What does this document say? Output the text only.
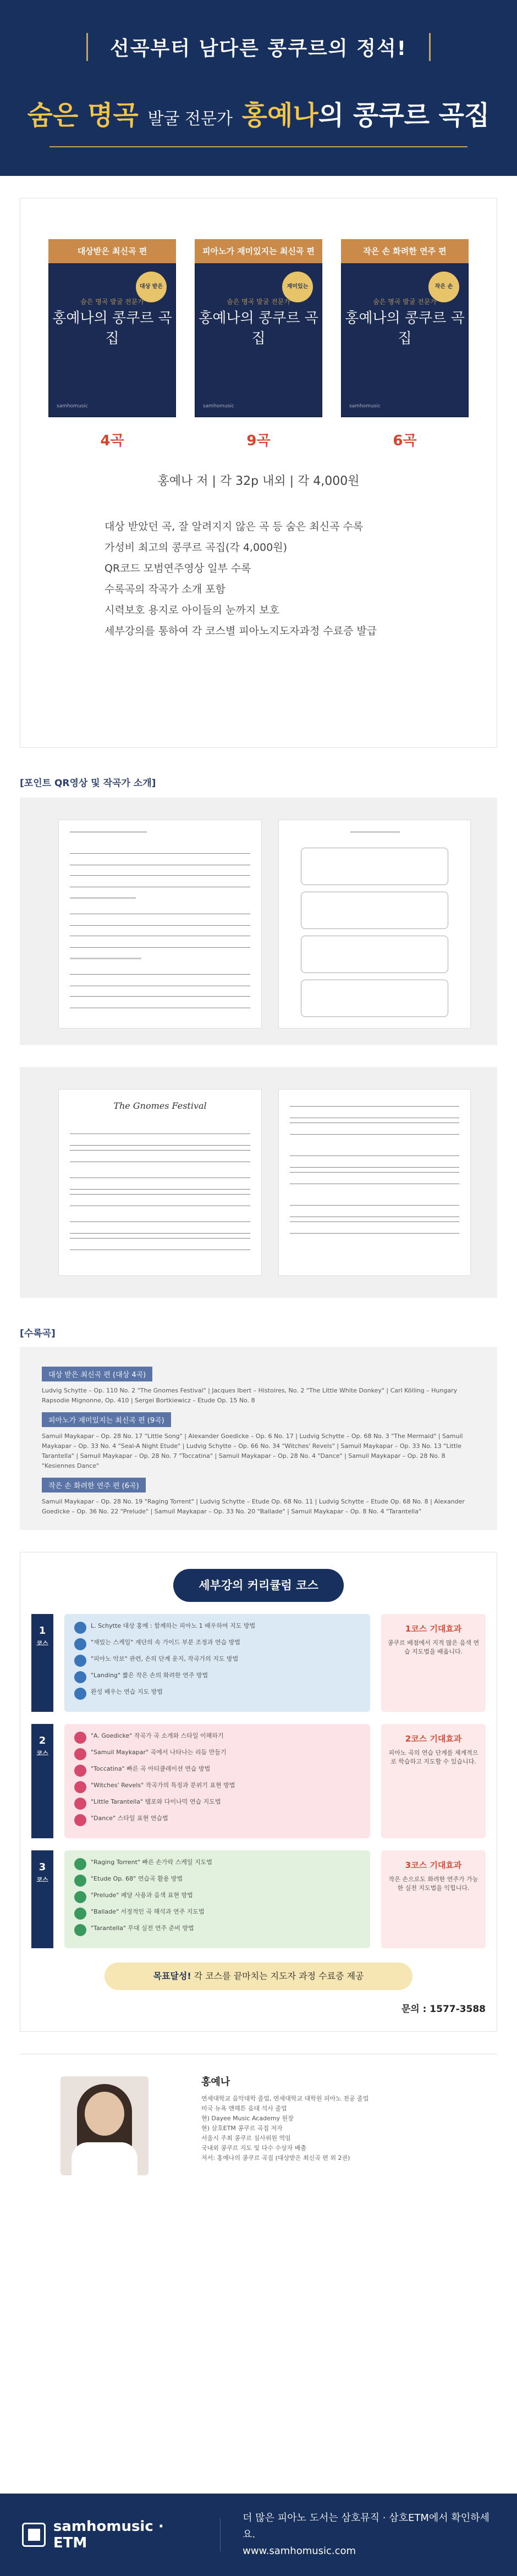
선곡부터 남다른 콩쿠르의 정석!
숨은 명곡 발굴 전문가 홍예나의 콩쿠르 곡집
대상받은 최신곡 편
대상 받은
숨은 명곡 발굴 전문가
홍예나의 콩쿠르 곡집
samhomusic
4곡
피아노가 재미있지는 최신곡 편
재미있는
숨은 명곡 발굴 전문가
홍예나의 콩쿠르 곡집
samhomusic
9곡
작은 손 화려한 연주 편
작은 손
숨은 명곡 발굴 전문가
홍예나의 콩쿠르 곡집
samhomusic
6곡
홍예나 저 | 각 32p 내외 | 각 4,000원
대상 받았던 곡, 잘 알려지지 않은 곡 등 숨은 최신곡 수록
가성비 최고의 콩쿠르 곡집(각 4,000원)
QR코드 모범연주영상 일부 수록
수록곡의 작곡가 소개 포함
시력보호 용지로 아이들의 눈까지 보호
세부강의를 통하여 각 코스별 피아노지도자과정 수료증 발급
[포인트 QR영상 및 작곡가 소개]
The Gnomes Festival
[수록곡]
대상 받은 최신곡 편 (대상 4곡)
Ludvig Schytte – Op. 110 No. 2 "The Gnomes Festival" | Jacques Ibert – Histoires, No. 2 "The Little White Donkey" | Carl Kölling – Hungary Rapsodie Mignonne, Op. 410 | Sergei Bortkiewicz – Etude Op. 15 No. 8
피아노가 재미있지는 최신곡 편 (9곡)
Samuil Maykapar – Op. 28 No. 17 "Little Song" | Alexander Goedicke – Op. 6 No. 17 | Ludvig Schytte – Op. 68 No. 3 "The Mermaid" | Samuil Maykapar – Op. 33 No. 4 "Seal-A Night Etude" | Ludvig Schytte – Op. 66 No. 34 "Witches' Revels" | Samuil Maykapar – Op. 33 No. 13 "Little Tarantella" | Samuil Maykapar – Op. 28 No. 7 "Toccatina" | Samuil Maykapar – Op. 28 No. 4 "Dance" | Samuil Maykapar – Op. 28 No. 8 "Kesiennes Dance"
작은 손 화려한 연주 편 (6곡)
Samuil Maykapar – Op. 28 No. 19 "Raging Torrent" | Ludvig Schytte – Etude Op. 68 No. 11 | Ludvig Schytte – Etude Op. 68 No. 8 | Alexander Goedicke – Op. 36 No. 22 "Prelude" | Samuil Maykapar – Op. 33 No. 20 "Ballade" | Samuil Maykapar – Op. 8 No. 4 "Tarantella"
세부강의 커리큘럼 코스
1
코스
L. Schytte 대상 홍예 : 함께하는 피아노 1 배우하여 지도 방법
"재밌는 스케일" 계단의 속 가이드 부분 조정과 연습 방법
"피아노 악보" 관련, 손의 단계 운지, 작곡가의 지도 방법
"Landing" 짧은 작은 손의 화려한 연주 방법
완성 배우는 연습 지도 방법
1코스 기대효과
콩쿠르 배점에서 지적 많은 음색 연습 지도법을 배웁니다.
2
코스
"A. Goedicke" 작곡가 곡 소개와 스타일 이해하기
"Samuil Maykapar" 곡에서 나타나는 리듬 만들기
"Toccatina" 빠른 곡 아티큘레이션 연습 방법
"Witches' Revels" 작곡가의 특징과 분위기 표현 방법
"Little Tarantella" 템포와 다이나믹 연습 지도법
"Dance" 스타일 표현 연습법
2코스 기대효과
피아노 곡의 연습 단계를 체계적으로 학습하고 지도할 수 있습니다.
3
코스
"Raging Torrent" 빠른 손가락 스케일 지도법
"Etude Op. 68" 연습곡 활용 방법
"Prelude" 페달 사용과 음색 표현 방법
"Ballade" 서정적인 곡 해석과 연주 지도법
"Tarantella" 무대 실전 연주 준비 방법
3코스 기대효과
작은 손으로도 화려한 연주가 가능한 실전 지도법을 익힙니다.
목표달성! 각 코스를 끝마치는 지도자 과정 수료증 제공
문의 : 1577-3588
홍예나
연세대학교 음악대학 졸업, 연세대학교 대학원 피아노 전공 졸업
미국 뉴욕 맨해튼 음대 석사 졸업
현) Dayee Music Academy 원장
현) 삼호ETM 콩쿠르 곡집 저자
서울시 주최 콩쿠르 심사위원 역임
국내외 콩쿠르 지도 및 다수 수상자 배출
저서: 홍예나의 콩쿠르 곡집 (대상받은 최신곡 편 외 2권)
samhomusic · ETM
더 많은 피아노 도서는 삼호뮤직 · 삼호ETM에서 확인하세요.
www.samhomusic.com
